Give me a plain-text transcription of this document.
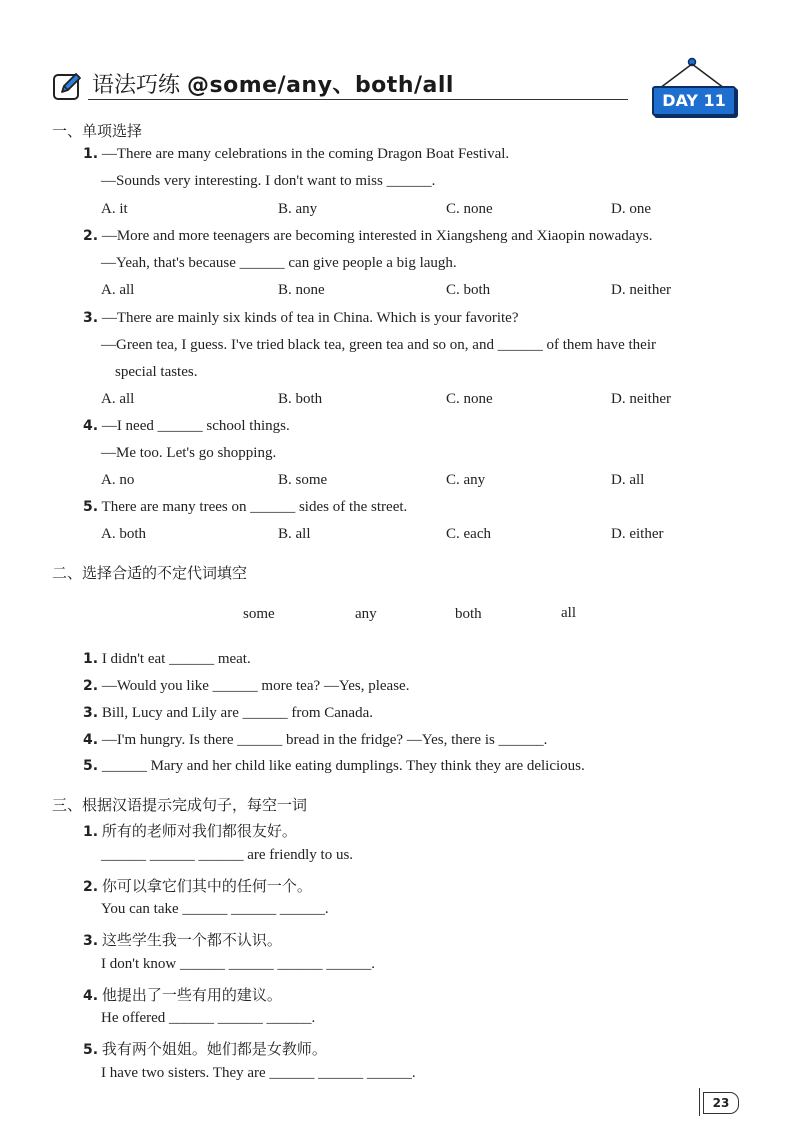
语法巧练 @some/any、both/all
DAY 11
一、单项选择
1. —There are many celebrations in the coming Dragon Boat Festival.
—Sounds very interesting. I don't want to miss ______.
A. it	B. any	C. none	D. one
2. —More and more teenagers are becoming interested in Xiangsheng and Xiaopin nowadays.
—Yeah, that's because ______ can give people a big laugh.
A. all	B. none	C. both	D. neither
3. —There are mainly six kinds of tea in China. Which is your favorite?
—Green tea, I guess. I've tried black tea, green tea and so on, and ______ of them have their
special tastes.
A. all	B. both	C. none	D. neither
4. —I need ______ school things.
—Me too. Let's go shopping.
A. no	B. some	C. any	D. all
5. There are many trees on ______ sides of the street.
A. both	B. all	C. each	D. either
二、选择合适的不定代词填空
some	any	both	all
1. I didn't eat ______ meat.
2. —Would you like ______ more tea? —Yes, please.
3. Bill, Lucy and Lily are ______ from Canada.
4. —I'm hungry. Is there ______ bread in the fridge? —Yes, there is ______.
5. ______ Mary and her child like eating dumplings. They think they are delicious.
三、根据汉语提示完成句子，每空一词
1. 所有的老师对我们都很友好。
______ ______ ______ are friendly to us.
2. 你可以拿它们其中的任何一个。
You can take ______ ______ ______.
3. 这些学生我一个都不认识。
I don't know ______ ______ ______ ______.
4. 他提出了一些有用的建议。
He offered ______ ______ ______.
5. 我有两个姐姐。她们都是女教师。
I have two sisters. They are ______ ______ ______.
23
